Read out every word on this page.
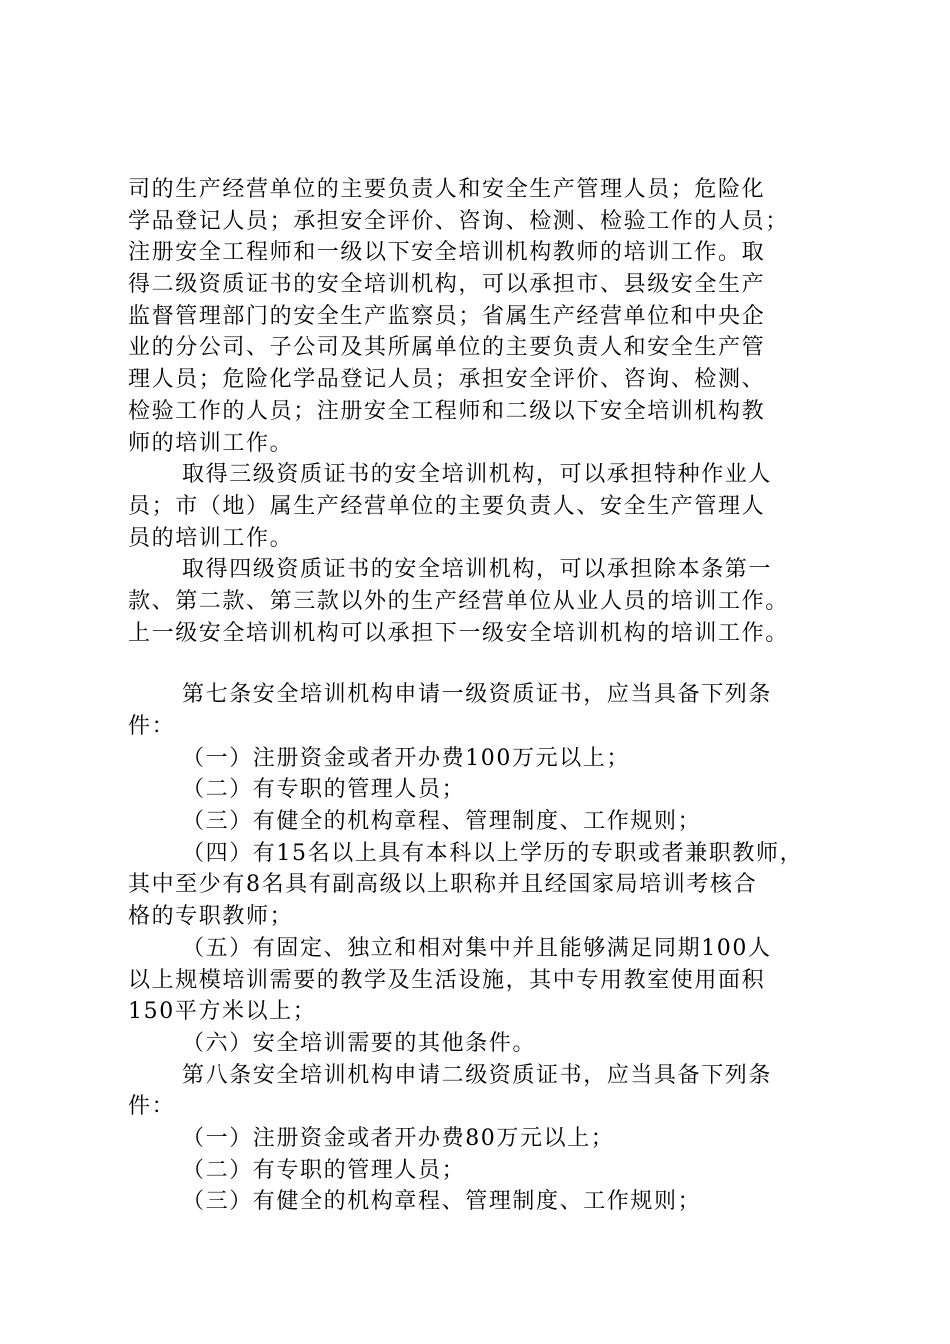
司的生产经营单位的主要负责人和安全生产管理人员；危险化
学品登记人员；承担安全评价、咨询、检测、检验工作的人员；
注册安全工程师和一级以下安全培训机构教师的培训工作。取
得二级资质证书的安全培训机构，可以承担市、县级安全生产
监督管理部门的安全生产监察员；省属生产经营单位和中央企
业的分公司、子公司及其所属单位的主要负责人和安全生产管
理人员；危险化学品登记人员；承担安全评价、咨询、检测、
检验工作的人员；注册安全工程师和二级以下安全培训机构教
师的培训工作。
取得三级资质证书的安全培训机构，可以承担特种作业人
员；市（地）属生产经营单位的主要负责人、安全生产管理人
员的培训工作。
取得四级资质证书的安全培训机构，可以承担除本条第一
款、第二款、第三款以外的生产经营单位从业人员的培训工作。
上一级安全培训机构可以承担下一级安全培训机构的培训工作。
第七条安全培训机构申请一级资质证书，应当具备下列条
件：
（一）注册资金或者开办费100万元以上；
（二）有专职的管理人员；
（三）有健全的机构章程、管理制度、工作规则；
（四）有15名以上具有本科以上学历的专职或者兼职教师，
其中至少有8名具有副高级以上职称并且经国家局培训考核合
格的专职教师；
（五）有固定、独立和相对集中并且能够满足同期100人
以上规模培训需要的教学及生活设施，其中专用教室使用面积
150平方米以上；
（六）安全培训需要的其他条件。
第八条安全培训机构申请二级资质证书，应当具备下列条
件：
（一）注册资金或者开办费80万元以上；
（二）有专职的管理人员；
（三）有健全的机构章程、管理制度、工作规则；
